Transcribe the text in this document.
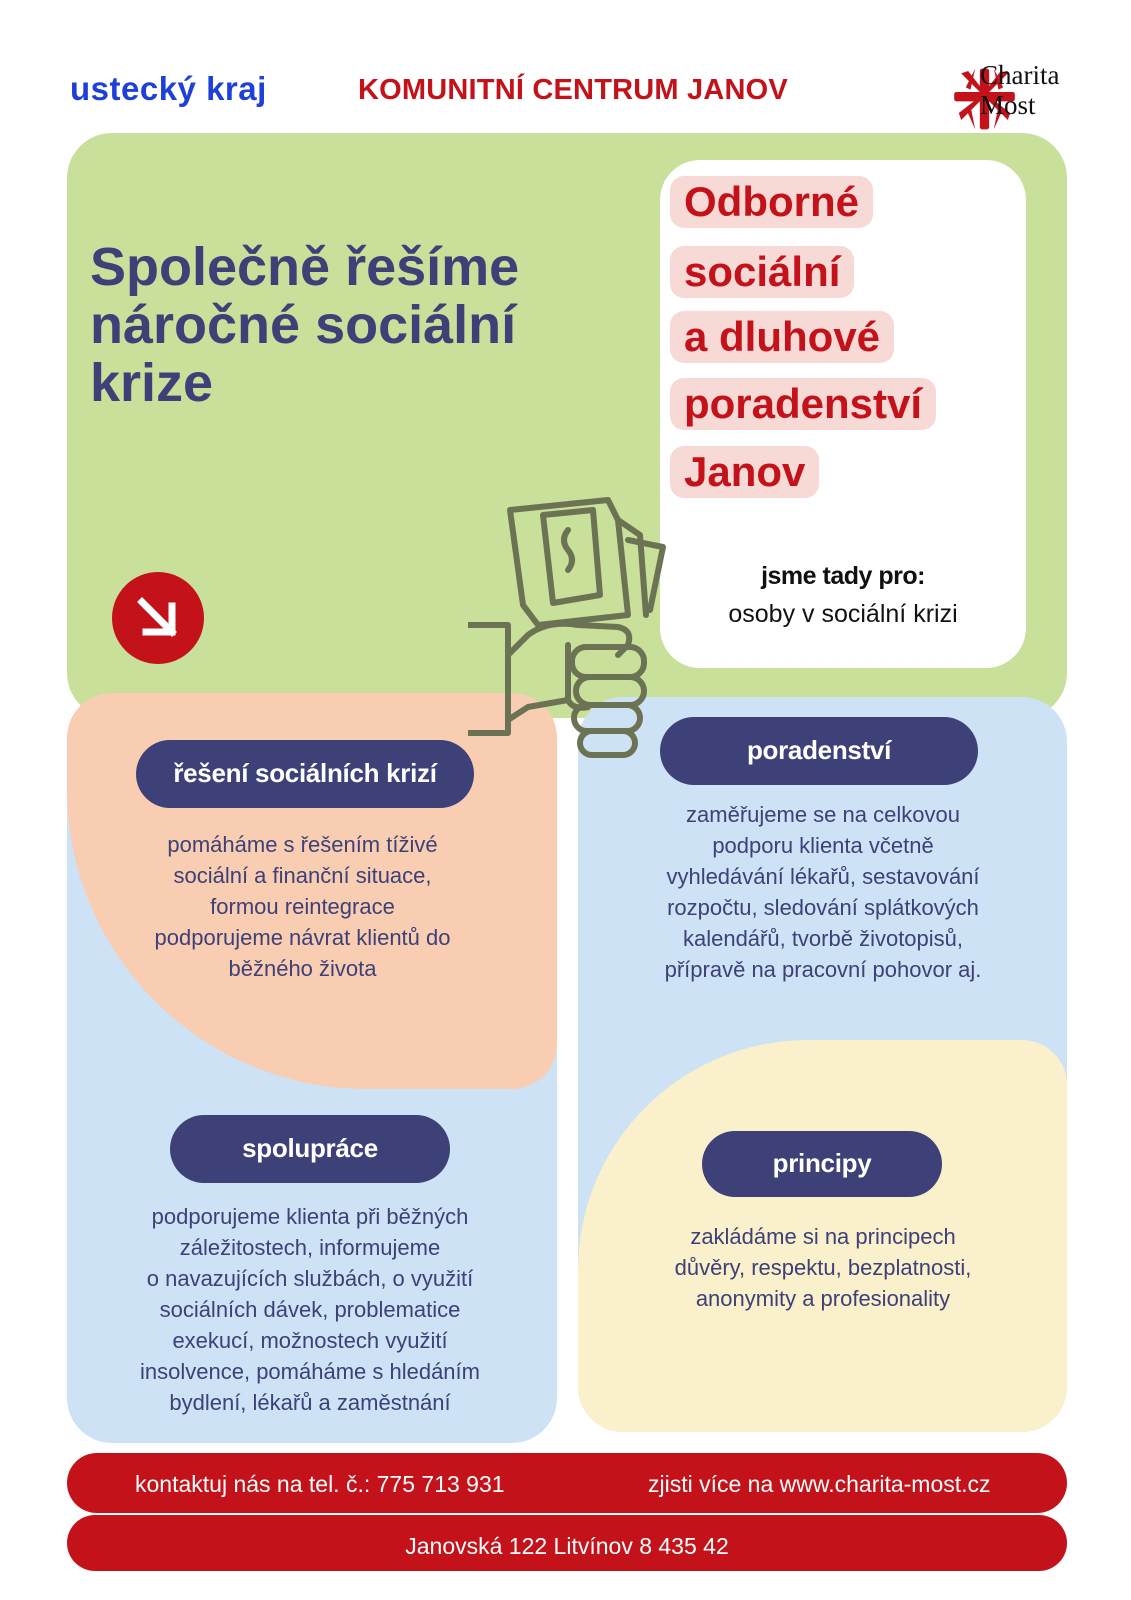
ustecký kraj	KOMUNITNÍ CENTRUM JANOV	Charita
Most
Společně řešíme
náročné sociální
krize
Odborné
sociální
a dluhové
poradenství
Janov
jsme tady pro:
osoby v sociální krizi
řešení sociálních krizí
pomáháme s řešením tíživé
sociální a finanční situace,
formou reintegrace
podporujeme návrat klientů do
běžného života
poradenství
zaměřujeme se na celkovou
podporu klienta včetně
vyhledávání lékařů, sestavování
rozpočtu, sledování splátkových
kalendářů, tvorbě životopisů,
přípravě na pracovní pohovor aj.
spolupráce
podporujeme klienta při běžných
záležitostech, informujeme
o navazujících službách, o využití
sociálních dávek, problematice
exekucí, možnostech využití
insolvence, pomáháme s hledáním
bydlení, lékařů a zaměstnání
principy
zakládáme si na principech
důvěry, respektu, bezplatnosti,
anonymity a profesionality
kontaktuj nás na tel. č.: 775 713 931	zjisti více na www.charita-most.cz
Janovská 122 Litvínov 8 435 42
